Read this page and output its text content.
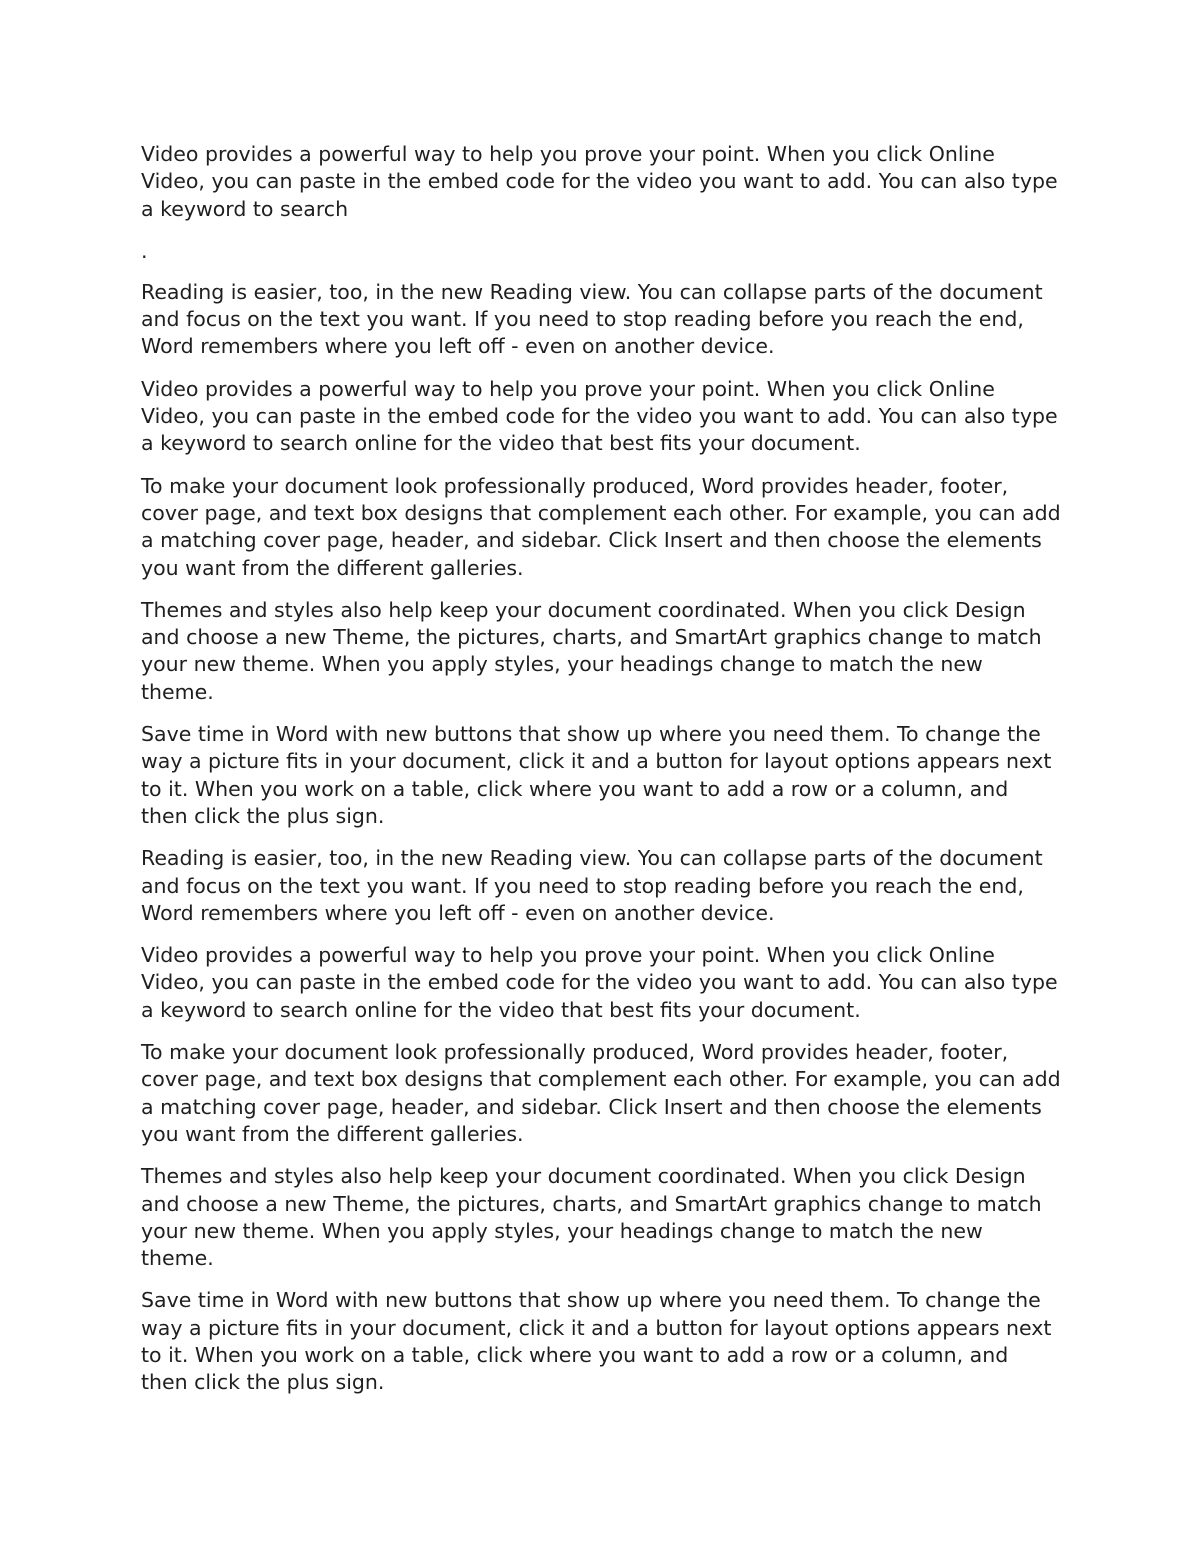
Video provides a powerful way to help you prove your point. When you click Online Video, you can paste in the embed code for the video you want to add. You can also type a keyword to search

.

Reading is easier, too, in the new Reading view. You can collapse parts of the document and focus on the text you want. If you need to stop reading before you reach the end, Word remembers where you left off - even on another device.

Video provides a powerful way to help you prove your point. When you click Online Video, you can paste in the embed code for the video you want to add. You can also type a keyword to search online for the video that best fits your document.

To make your document look professionally produced, Word provides header, footer, cover page, and text box designs that complement each other. For example, you can add a matching cover page, header, and sidebar. Click Insert and then choose the elements you want from the different galleries.

Themes and styles also help keep your document coordinated. When you click Design and choose a new Theme, the pictures, charts, and SmartArt graphics change to match your new theme. When you apply styles, your headings change to match the new theme.

Save time in Word with new buttons that show up where you need them. To change the way a picture fits in your document, click it and a button for layout options appears next to it. When you work on a table, click where you want to add a row or a column, and then click the plus sign.

Reading is easier, too, in the new Reading view. You can collapse parts of the document and focus on the text you want. If you need to stop reading before you reach the end, Word remembers where you left off - even on another device.

Video provides a powerful way to help you prove your point. When you click Online Video, you can paste in the embed code for the video you want to add. You can also type a keyword to search online for the video that best fits your document.

To make your document look professionally produced, Word provides header, footer, cover page, and text box designs that complement each other. For example, you can add a matching cover page, header, and sidebar. Click Insert and then choose the elements you want from the different galleries.

Themes and styles also help keep your document coordinated. When you click Design and choose a new Theme, the pictures, charts, and SmartArt graphics change to match your new theme. When you apply styles, your headings change to match the new theme.

Save time in Word with new buttons that show up where you need them. To change the way a picture fits in your document, click it and a button for layout options appears next to it. When you work on a table, click where you want to add a row or a column, and then click the plus sign.
